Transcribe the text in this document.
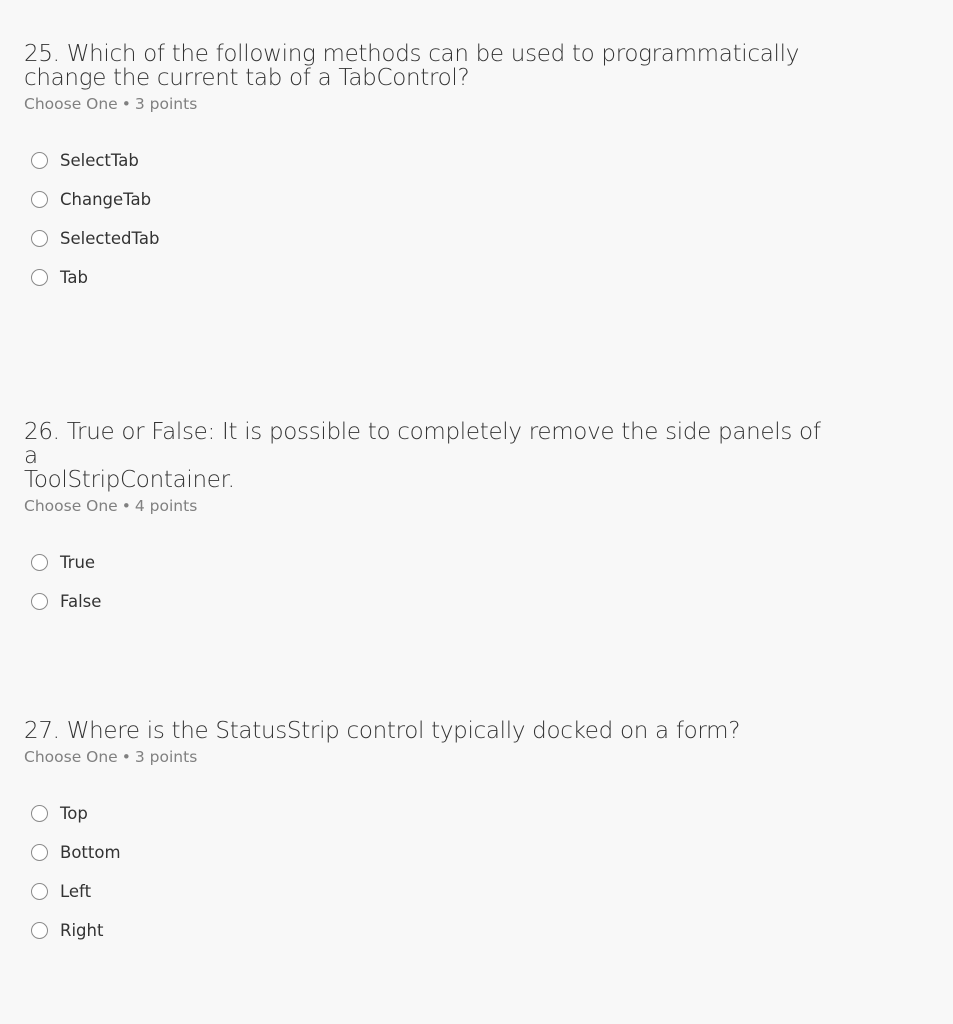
25. Which of the following methods can be used to programmatically
change the current tab of a TabControl?
Choose One • 3 points
SelectTab
ChangeTab
SelectedTab
Tab
26. True or False: It is possible to completely remove the side panels of a
ToolStripContainer.
Choose One • 4 points
True
False
27. Where is the StatusStrip control typically docked on a form?
Choose One • 3 points
Top
Bottom
Left
Right
